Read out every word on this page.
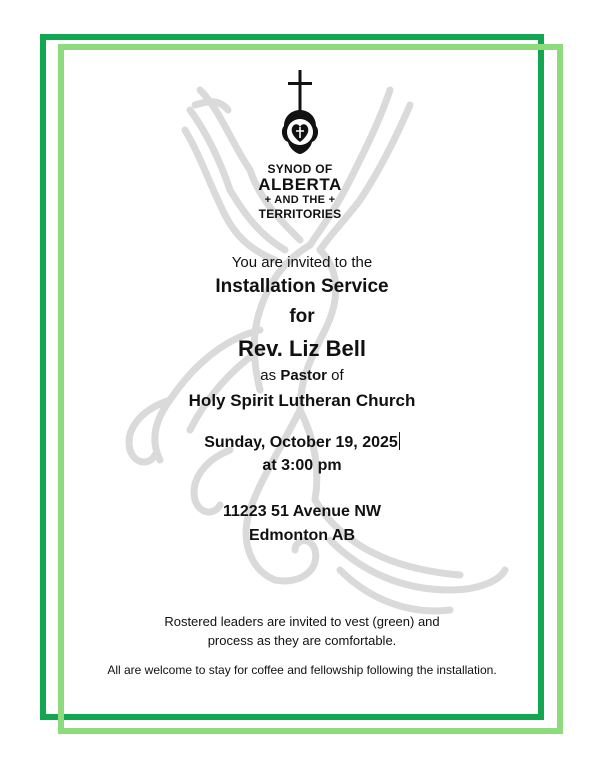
SYNOD OF
ALBERTA
+ AND THE +
TERRITORIES
You are invited to the
Installation Service
for
Rev. Liz Bell
as Pastor of
Holy Spirit Lutheran Church
Sunday, October 19, 2025
at 3:00 pm
11223 51 Avenue NW
Edmonton AB
Rostered leaders are invited to vest (green) and
process as they are comfortable.
All are welcome to stay for coffee and fellowship following the installation.
